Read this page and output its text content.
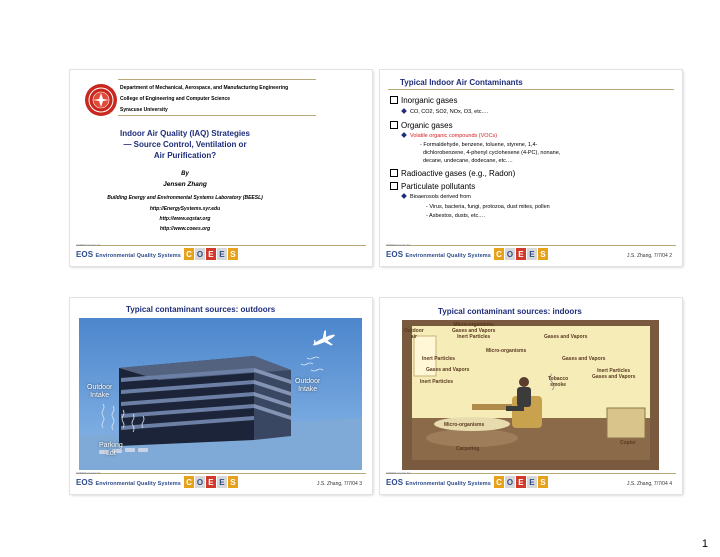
Department of Mechanical, Aerospace, and Manufacturing Engineering
College of Engineering and Computer Science
Syracuse University
Indoor Air Quality (IAQ) Strategies
— Source Control, Ventilation or
Air Purification?
By
Jensen Zhang
Building Energy and Environmental Systems Laboratory (BEESL)
http://EnergySystems.syr.edu
http://www.eqstar.org
http://www.coees.org
COEES Center for
EOS Environmental Quality Systems C O E E S
Typical Indoor Air Contaminants
Inorganic gases
CO, CO2, SO2, NOx, O3, etc.…
Organic gases
Volatile organic compounds (VOCs)
- Formaldehyde, benzene, toluene, styrene, 1,4-
dichlorobenzene, 4-phenyl cyclohexene (4-PC), nonane,
decane, undecane, dodecane, etc.…
Radioactive gases (e.g., Radon)
Particulate pollutants
Bioaerosols derived from
- Virus, bacteria, fungi, protozoa, dust mites, pollen
- Asbestos, dusts, etc.…
COEES Center for
EOS Environmental Quality Systems C O E E S	J.S. Zhang, 7/7/04 2
Typical contaminant sources: outdoors
Outdoor
Intake
Outdoor
Intake
Parking
Lot
COEES Center for
EOS Environmental Quality Systems C O E E S	J.S. Zhang, 7/7/04 3
Typical contaminant sources: indoors
Outdoor
air
Micro-organisms
Gases and Vapors
Inert Particles	Gases and Vapors
Micro-organisms
Inert Particles	Gases and Vapors
Gases and Vapors	Inert Particles
Gases and Vapors
Inert Particles	Tobacco
smoke
Micro-organisms
Copier
Carpeting
COEES Center for
EOS Environmental Quality Systems C O E E S	J.S. Zhang, 7/7/04 4
1
